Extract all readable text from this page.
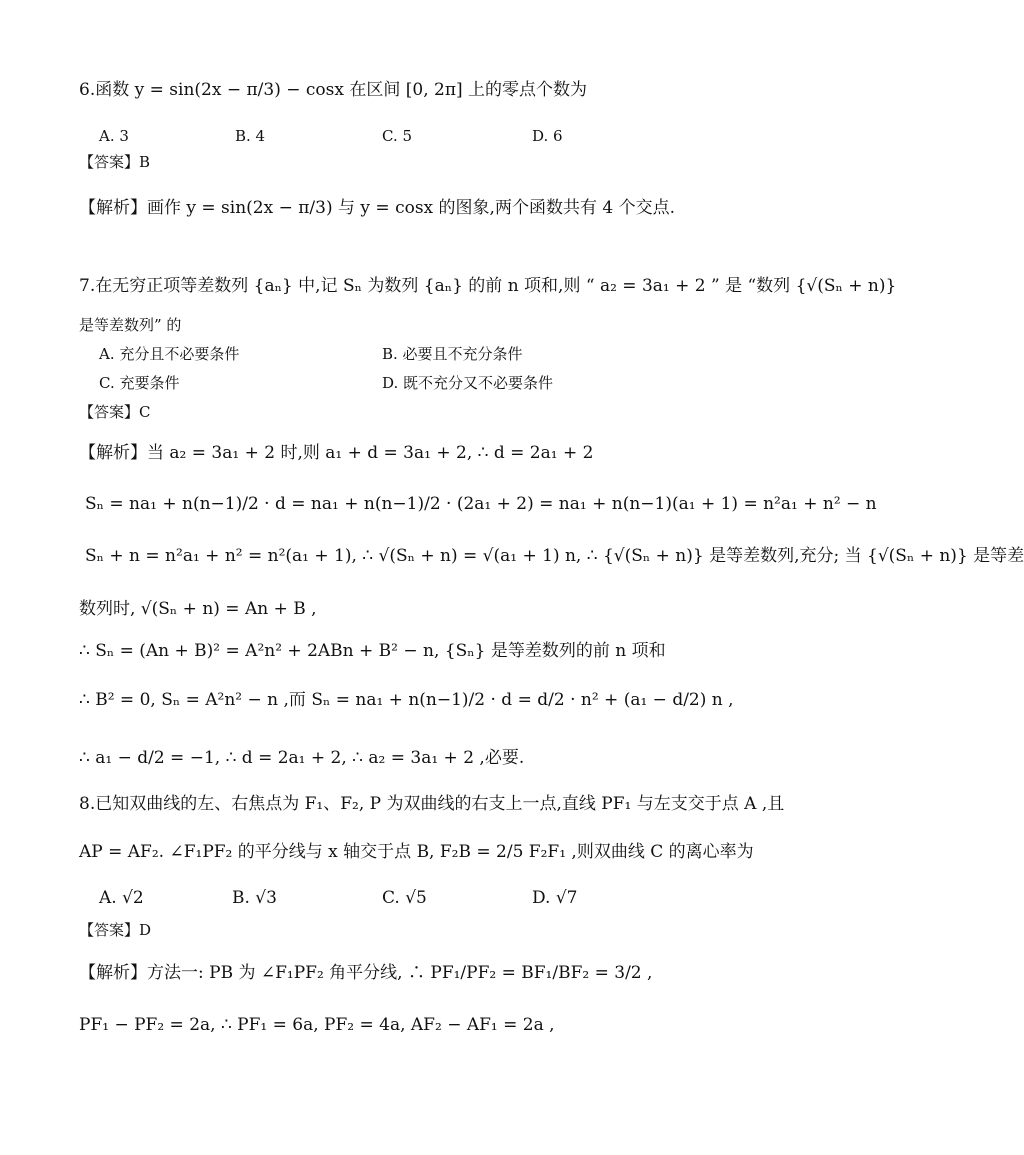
6.函数 y = sin(2x − π/3) − cosx 在区间 [0, 2π] 上的零点个数为
A. 3	B. 4	C. 5	D. 6
【答案】B
【解析】画作 y = sin(2x − π/3) 与 y = cosx 的图象,两个函数共有 4 个交点.
7.在无穷正项等差数列 {aₙ} 中,记 Sₙ 为数列 {aₙ} 的前 n 项和,则 “ a₂ = 3a₁ + 2 ” 是 “数列 {√(Sₙ + n)}
是等差数列” 的
A. 充分且不必要条件	B. 必要且不充分条件
C. 充要条件	D. 既不充分又不必要条件
【答案】C
【解析】当 a₂ = 3a₁ + 2 时,则 a₁ + d = 3a₁ + 2, ∴ d = 2a₁ + 2
Sₙ = na₁ + n(n−1)/2 · d = na₁ + n(n−1)/2 · (2a₁ + 2) = na₁ + n(n−1)(a₁ + 1) = n²a₁ + n² − n
Sₙ + n = n²a₁ + n² = n²(a₁ + 1), ∴ √(Sₙ + n) = √(a₁ + 1) n, ∴ {√(Sₙ + n)} 是等差数列,充分; 当 {√(Sₙ + n)} 是等差
数列时, √(Sₙ + n) = An + B ,
∴ Sₙ = (An + B)² = A²n² + 2ABn + B² − n, {Sₙ} 是等差数列的前 n 项和
∴ B² = 0, Sₙ = A²n² − n ,而 Sₙ = na₁ + n(n−1)/2 · d = d/2 · n² + (a₁ − d/2) n ,
∴ a₁ − d/2 = −1, ∴ d = 2a₁ + 2, ∴ a₂ = 3a₁ + 2 ,必要.
8.已知双曲线的左、右焦点为 F₁、F₂, P 为双曲线的右支上一点,直线 PF₁ 与左支交于点 A ,且
AP = AF₂. ∠F₁PF₂ 的平分线与 x 轴交于点 B, F₂B = 2/5 F₂F₁ ,则双曲线 C 的离心率为
A. √2	B. √3	C. √5	D. √7
【答案】D
【解析】方法一: PB 为 ∠F₁PF₂ 角平分线, ∴ PF₁/PF₂ = BF₁/BF₂ = 3/2 ,
PF₁ − PF₂ = 2a, ∴ PF₁ = 6a, PF₂ = 4a, AF₂ − AF₁ = 2a ,
